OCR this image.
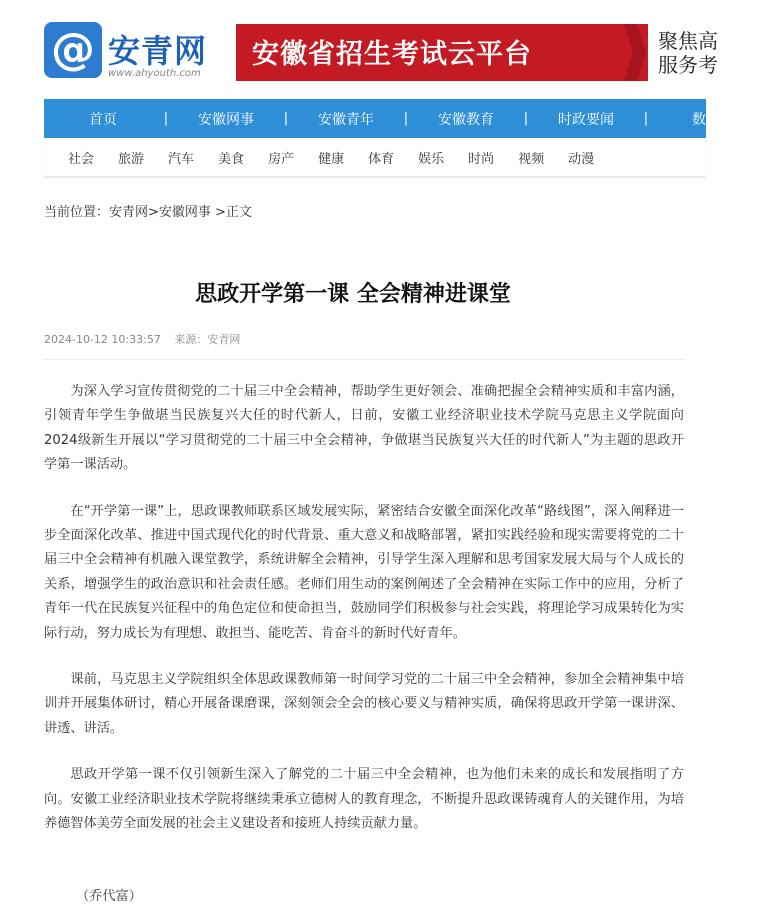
@ 安青网
www.ahyouth.com
安徽省招生考试云平台	聚焦高
服务考
首页	|	安徽网事	|	安徽青年	|	安徽教育	|	时政要闻	|	数字
社会 旅游 汽车 美食 房产 健康 体育 娱乐 时尚 视频 动漫
当前位置：安青网>安徽网事 >正文
思政开学第一课 全会精神进课堂
2024-10-12 10:33:57 来源：安青网

为深入学习宣传贯彻党的二十届三中全会精神，帮助学生更好领会、准确把握全会精神实质和丰富内涵，引领青年学生争做堪当民族复兴大任的时代新人，日前，安徽工业经济职业技术学院马克思主义学院面向2024级新生开展以“学习贯彻党的二十届三中全会精神，争做堪当民族复兴大任的时代新人”为主题的思政开学第一课活动。

在“开学第一课”上，思政课教师联系区域发展实际，紧密结合安徽全面深化改革“路线图”，深入阐释进一步全面深化改革、推进中国式现代化的时代背景、重大意义和战略部署，紧扣实践经验和现实需要将党的二十届三中全会精神有机融入课堂教学，系统讲解全会精神，引导学生深入理解和思考国家发展大局与个人成长的关系，增强学生的政治意识和社会责任感。老师们用生动的案例阐述了全会精神在实际工作中的应用，分析了青年一代在民族复兴征程中的角色定位和使命担当，鼓励同学们积极参与社会实践，将理论学习成果转化为实际行动，努力成长为有理想、敢担当、能吃苦、肯奋斗的新时代好青年。

课前，马克思主义学院组织全体思政课教师第一时间学习党的二十届三中全会精神，参加全会精神集中培训并开展集体研讨，精心开展备课磨课，深刻领会全会的核心要义与精神实质，确保将思政开学第一课讲深、讲透、讲活。

思政开学第一课不仅引领新生深入了解党的二十届三中全会精神，也为他们未来的成长和发展指明了方向。安徽工业经济职业技术学院将继续秉承立德树人的教育理念，不断提升思政课铸魂育人的关键作用，为培养德智体美劳全面发展的社会主义建设者和接班人持续贡献力量。

（乔代富）
